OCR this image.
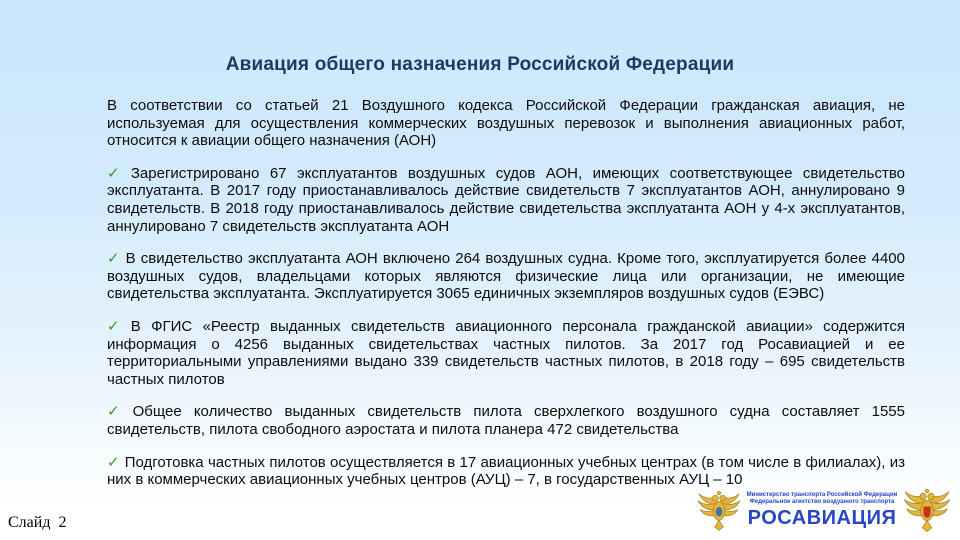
Авиация общего назначения Российской Федерации

В соответствии со статьей 21 Воздушного кодекса Российской Федерации гражданская авиация, не используемая для осуществления коммерческих воздушных перевозок и выполнения авиационных работ, относится к авиации общего назначения (АОН)

✓ Зарегистрировано 67 эксплуатантов воздушных судов АОН, имеющих соответствующее свидетельство эксплуатанта. В 2017 году приостанавливалось действие свидетельств 7 эксплуатантов АОН, аннулировано 9 свидетельств. В 2018 году приостанавливалось действие свидетельства эксплуатанта АОН у 4-х эксплуатантов, аннулировано 7 свидетельств эксплуатанта АОН

✓ В свидетельство эксплуатанта АОН включено 264 воздушных судна. Кроме того, эксплуатируется более 4400 воздушных судов, владельцами которых являются физические лица или организации, не имеющие свидетельства эксплуатанта. Эксплуатируется 3065 единичных экземпляров воздушных судов (ЕЭВС)

✓ В ФГИС «Реестр выданных свидетельств авиационного персонала гражданской авиации» содержится информация о 4256 выданных свидетельствах частных пилотов. За 2017 год Росавиацией и ее территориальными управлениями выдано 339 свидетельств частных пилотов, в 2018 году – 695 свидетельств частных пилотов

✓ Общее количество выданных свидетельств пилота сверхлегкого воздушного судна составляет 1555 свидетельств, пилота свободного аэростата и пилота планера 472 свидетельства

✓ Подготовка частных пилотов осуществляется в 17 авиационных учебных центрах (в том числе в филиалах), из них в коммерческих авиационных учебных центров (АУЦ) – 7, в государственных АУЦ – 10

Слайд 2
Министерство транспорта Российской Федерации
Федеральное агентство воздушного транспорта
РОСАВИАЦИЯ
